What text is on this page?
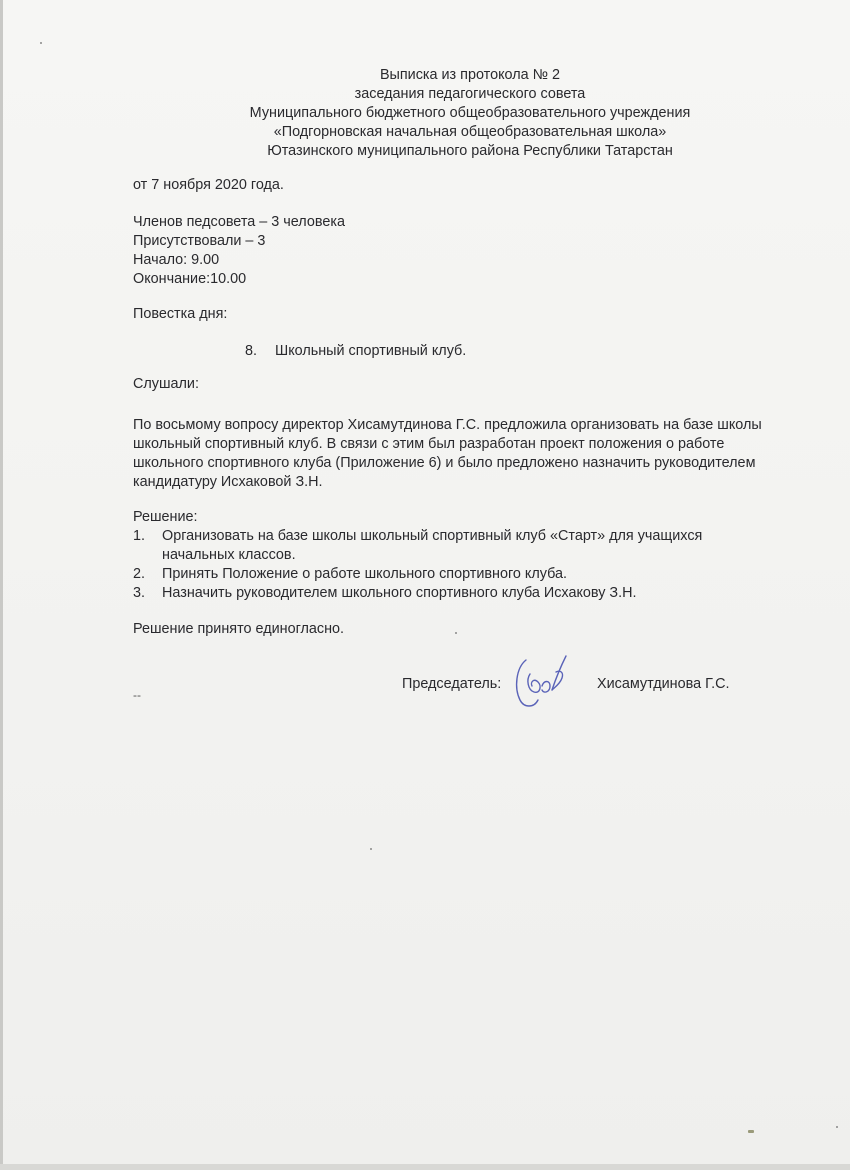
Выписка из протокола № 2
заседания педагогического совета
Муниципального бюджетного общеобразовательного учреждения
«Подгорновская начальная общеобразовательная школа»
Ютазинского муниципального района Республики Татарстан
от 7 ноября 2020 года.
Членов педсовета – 3 человека
Присутствовали – 3
Начало: 9.00
Окончание:10.00
Повестка дня:
8. Школьный спортивный клуб.
Слушали:
По восьмому вопросу директор Хисамутдинова Г.С. предложила организовать на базе школы школьный спортивный клуб. В связи с этим был разработан проект положения о работе школьного спортивного клуба (Приложение 6) и было предложено назначить руководителем кандидатуру Исхаковой З.Н.
Решение:
1.	Организовать на базе школы школьный спортивный клуб «Старт» для учащихся начальных классов.
2.	Принять Положение о работе школьного спортивного клуба.
3.	Назначить руководителем школьного спортивного клуба Исхакову З.Н.
Решение принято единогласно.
Председатель:	Хисамутдинова Г.С.
--
